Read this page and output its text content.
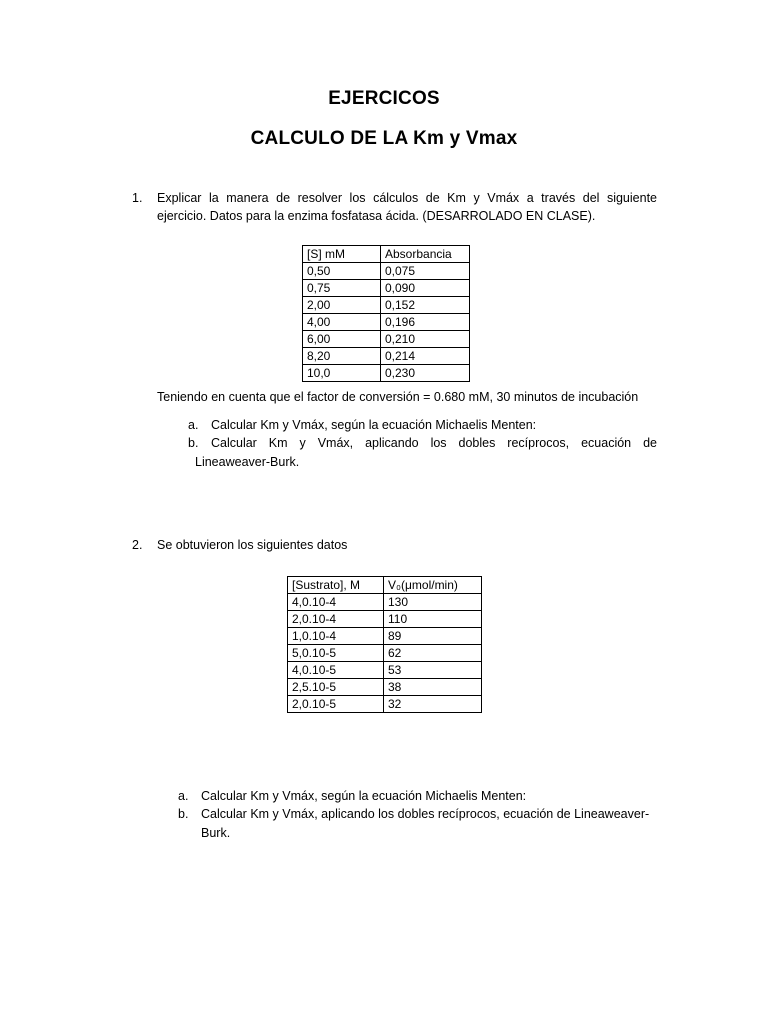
EJERCICOS
CALCULO DE LA Km y Vmax
1. Explicar la manera de resolver los cálculos de Km y Vmáx a través del siguiente
ejercicio. Datos para la enzima fosfatasa ácida. (DESARROLADO EN CLASE).
[S] mM	Absorbancia
0,50	0,075
0,75	0,090
2,00	0,152
4,00	0,196
6,00	0,210
8,20	0,214
10,0	0,230
Teniendo en cuenta que el factor de conversión = 0.680 mM, 30 minutos de incubación
a. Calcular Km y Vmáx, según la ecuación Michaelis Menten:
b. Calcular Km y Vmáx, aplicando los dobles recíprocos, ecuación de
Lineaweaver-Burk.
2. Se obtuvieron los siguientes datos
[Sustrato], M	V₀(μmol/min)
4,0.10-4	130
2,0.10-4	110
1,0.10-4	89
5,0.10-5	62
4,0.10-5	53
2,5.10-5	38
2,0.10-5	32
a. Calcular Km y Vmáx, según la ecuación Michaelis Menten:
b. Calcular Km y Vmáx, aplicando los dobles recíprocos, ecuación de Lineaweaver-
Burk.
